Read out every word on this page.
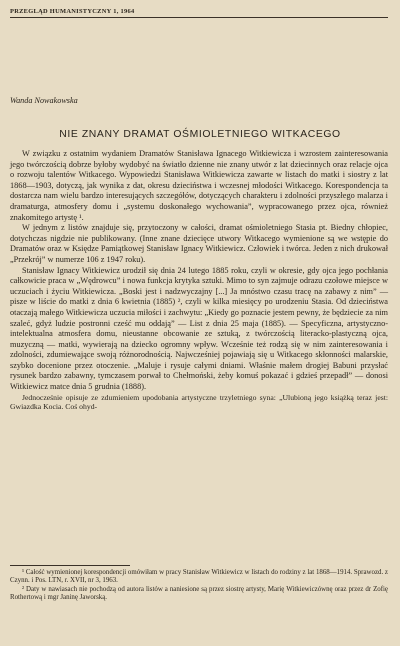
PRZEGLĄD HUMANISTYCZNY 1, 1964
Wanda Nowakowska
NIE ZNANY DRAMAT OŚMIOLETNIEGO WITKACEGO

W związku z ostatnim wydaniem Dramatów Stanisława Ignacego Witkiewicza i wzrostem zainteresowania jego twórczością dobrze byłoby wydobyć na światło dzienne nie znany utwór z lat dziecinnych oraz relacje ojca o rozwoju talentów Witkacego. Wypowiedzi Stanisława Witkiewicza zawarte w listach do matki i siostry z lat 1868—1903, dotyczą, jak wynika z dat, okresu dzieciństwa i wczesnej młodości Witkacego. Korespondencja ta dostarcza nam wielu bardzo interesujących szczegółów, dotyczących charakteru i zdolności przyszłego malarza i dramaturga, atmosfery domu i „systemu doskonałego wychowania”, wypracowanego przez ojca, również znakomitego artystę ¹.

W jednym z listów znajduje się, przytoczony w całości, dramat ośmioletniego Stasia pt. Biedny chłopiec, dotychczas nigdzie nie publikowany. (Inne znane dziecięce utwory Witkacego wymienione są we wstępie do Dramatów oraz w Księdze Pamiątkowej Stanisław Ignacy Witkiewicz. Człowiek i twórca. Jeden z nich drukował „Przekrój” w numerze 106 z 1947 roku).

Stanisław Ignacy Witkiewicz urodził się dnia 24 lutego 1885 roku, czyli w okresie, gdy ojca jego pochłania całkowicie praca w „Wędrowcu” i nowa funkcja krytyka sztuki. Mimo to syn zajmuje odrazu czołowe miejsce w uczuciach i życiu Witkiewicza. „Boski jest i nadzwyczajny [...] Ja mnóstwo czasu tracę na zabawy z nim” — pisze w liście do matki z dnia 6 kwietnia (1885) ², czyli w kilka miesięcy po urodzeniu Stasia. Od dzieciństwa otaczają małego Witkiewicza uczucia miłości i zachwytu: „Kiedy go poznacie jestem pewny, że będziecie za nim szaleć, gdyż ludzie postronni cześć mu oddają” — List z dnia 25 maja (1885). — Specyficzna, artystyczno-intelektualna atmosfera domu, nieustanne obcowanie ze sztuką, z twórczością literacko-plastyczną ojca, muzyczną — matki, wywierają na dziecko ogromny wpływ. Wcześnie też rodzą się w nim zainteresowania i zdolności, zdumiewające swoją różnorodnością. Najwcześniej pojawiają się u Witkacego skłonności malarskie, szybko docenione przez otoczenie. „Maluje i rysuje całymi dniami. Właśnie małem drogiej Babuni przysłać rysunek bardzo zabawny, tymczasem porwał to Chełmoński, żeby komuś pokazać i gdzieś przepadł” — donosi Witkiewicz matce dnia 5 grudnia (1888).

Jednocześnie opisuje ze zdumieniem upodobania artystyczne trzyletniego syna: „Ulubioną jego książką teraz jest: Gwiazdka Kocia. Coś ohyd-

¹ Całość wymienionej korespondencji omówiłam w pracy Stanisław Witkiewicz w listach do rodziny z lat 1868—1914. Sprawozd. z Czynn. i Pos. LTN, r. XVII, nr 3, 1963.

² Daty w nawiasach nie pochodzą od autora listów a naniesione są przez siostrę artysty, Marię Witkiewiczównę oraz przez dr Zofię Rothertową i mgr Janinę Jaworską.
